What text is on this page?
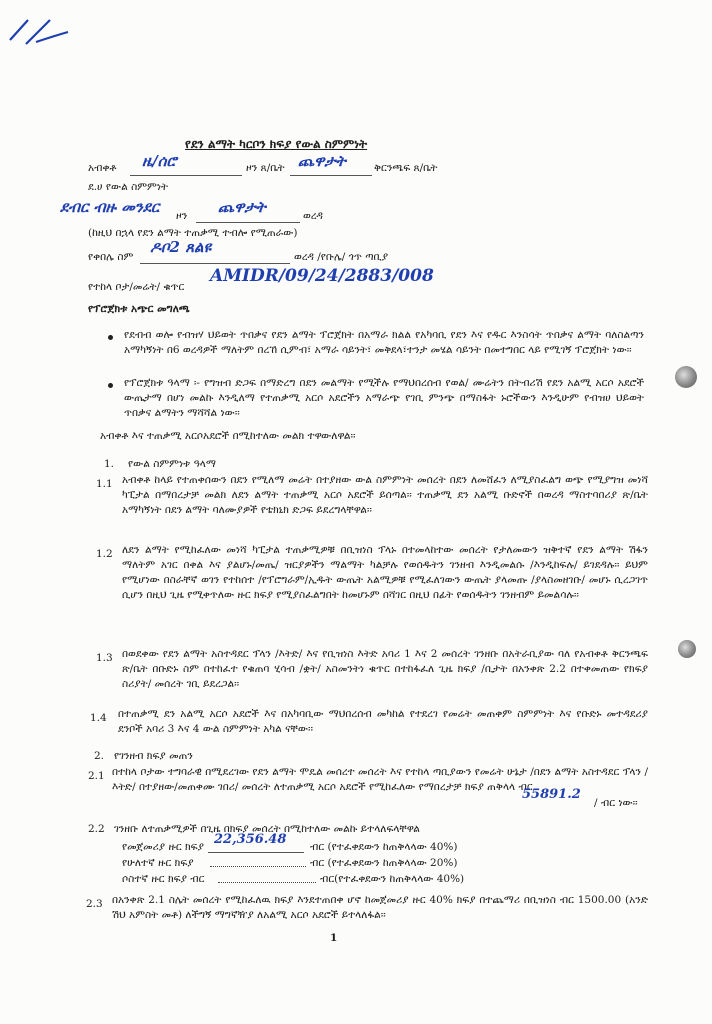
የደን ልማት ካርቦን ክፍያ የውል ስምምነት
አብቀቶ ዜ/ሰሮ	ዞን ጸ/ቤት ጨዋታት	ቅርንጫፍ ጸ/ቤት
ደ.ሀ የውል ስምምነት
ደብር ብዙ መንደር ዞን ጨዋታት	ወረዳ
(ከዚህ በኋላ የደን ልማት ተጠቃሚ ተብሎ የሚጠራው)
የቀበሌ ስም
ዶቦ2 ጸልዩ
ወረዳ /የቡሌ/ ጎጥ ጣቢያ
የተከላ ቦታ/መሬት/ ቁጥር
AMIDR/09/24/2883/008
የፕሮጀክቱ አጭር መግለጫ
የደብብ ወሎ የብዝሃ ህይወት ጥበቃና የደን ልማት ፕሮጀክት በአማራ ክልል የአካባቢ የደን እና የዱር እንስሳት ጥበቃና ልማት ባለስልጣን አማካኝነት በ6 ወረዳዎች ማለትም በረኸ ሲምብ፣ አማራ ሳይንት፣ መቅደላ፣ተንታ መሄል ሳይንት በመተግበር ላይ የሚገኝ ፕሮጀክት ነው፡፡
የፕሮጀክቱ ዓላማ ፡- የግዝብ ድጋፍ በማድረግ በደን መልማት የሚችሉ የማህበረሰብ የወል/ ሙሬትን በትብሪሽ የደን አልሚ አርሶ አደሮች ውጤታማ በሆነ መልኩ እንዲለማ የተጠቃሚ አርሶ አደሮችን አማራጭ የገቢ ምንጭ በማስፋት ኑሮችውን እንዲሁም የብዝሀ ህይወት ጥበቃና ልማትን ማሻሻል ነው፡፡
አብቀቶ እና ተጠቃሚ አርሶአደሮች በሚከተለው መልክ ተዋውለዋል፡፡
1. የውል ስምምነቱ ዓላማ
1.1 አብቀቶ ከላይ የተጠቀሰውን በደን የሚለማ መሬት በተያዘው ውል ስምምነት መሰረት በደን ለመሸፈን ለሚያስፈልግ ወጭ የሚያግዝ መነሻ ካፒታል በማበረታቻ መልክ ለደን ልማት ተጠቃሚ አርሶ አደሮች ይሰጣል፡፡ ተጠቃሚ ደን አልሚ ቡድኖች በወረዳ ማስተባበሪያ ጽ/ቤት አማካኝነት በደን ልማት ባለሙያዎች የቴክኒክ ድጋፍ ይደረግላቸዋል፡፡
1.2 ለደን ልማት የሚከፈለው መነሻ ካፒታል ተጠቃሚዎቹ በቢዝነስ ፕላኑ በተመላከተው መሰረት የታለመውን ዝቅተኛ የደን ልማት ሽፋን ማለትም አገር በቀል እና ያልሆኑ/መጤ/ ዝርያዎችን ማልማት ካልቻሉ የወሰዱትን ገንዘብ እንዲመልሱ /እንዲከፍሉ/ ይገደዳሉ፡፡ ይህም የሚሆነው በስራቸኛ ወገን የተከሰተ /የፕሮግራም/ኢዱት ውጤት አልሚዎቹ የሚፈለገውን ውጤት ያላመጡ /ያላስመዘገቡ/ መሆኑ ሲረጋገጥ ሲሆን በዚህ ጊዜ የሚቀጥለው ዙር ክፍያ የሚያስፈልግበት ከመሆኑም በሻገር በዚህ በፊት የወሰዱትን ገንዘብም ይመልሳሉ፡፡
1.3 በወደቀው የደን ልማት አስተዳደር ፕላን /እትድ/ እና የቢዝነስ እትድ አባሪ 1 እና 2 መሰረት ገንዘቡ በአትራቢያው ባለ የአብቀቶ ቅርንጫፍ ጽ/ቤት በቡድኑ ስም በተከፈተ የቁጠባ ሂሳብ /ቋት/ አስመንትነ ቁጥር በተከፋፈለ ጊዜ ክፍያ /ቢታት በአንቀጽ 2.2 በተቀመጠው የክፍያ ስሪያት/ መሰረት ገቢ ይደረጋል፡፡
1.4 በተጠቃሚ ደን አልሚ አርሶ አደሮች እና በአካባቢው ማህበረሰብ መካከል የተደረገ የመሬት መጠቀም ስምምነት እና የቡድኑ መተዳደሪያ ደንቦች አባሪ 3 እና 4 ውል ስምምነት አካል ናቸው፡፡
2. የገንዘብ ክፍያ መጠን
2.1 በተከላ ቦታው ተግባራዊ በሚደረገው የደን ልማት ሞዴል መሰረተ መሰረት እና የተከላ ጣቢያውን የመሬት ሁኔታ /በደን ልማት አስተዳደር ፕላን /እትድ/ በተያዘው/መጠቀሙ ገበሪ/ መሰረት ለተጠቃሚ አርሶ አደሮች የሚከፈለው የማበረታቻ ክፍያ ጠቅላላ ብር
55891.2
/ ብር ነው፡፡
2.2 ገንዘቡ ለተጠቃሚዎች በጊዜ በክፍያ መሰረት በሚከተለው መልኩ ይተላለፍላቸዋል
የመጀመሪያ ዙር ክፍያ 22,356.48 ብር (የተፈቀደውን ከጠቅላላው 40%)
የሁለተኛ ዙር ክፍያ	ብር (የተፈቀደውን ከጠቅላላው 20%)
ሶስተኛ ዙር ክፍያ ብር	ብር(የተፈቀደውን ከጠቅላላው 40%)
2.3 በአንቀጽ 2.1 ስሌት መሰረት የሚከፈለዉ ክፍያ እንደተጠበቀ ሆኖ ከመጀመሪያ ዙር 40% ክፍያ በተጨማሪ በቢዝነስ ብር 1500.00 (አንድ ሽህ አምስት መቶ) ለችግኝ ማግኛዥያ ለአልሚ አርሶ አደሮች ይተላለፋል፡፡
1
